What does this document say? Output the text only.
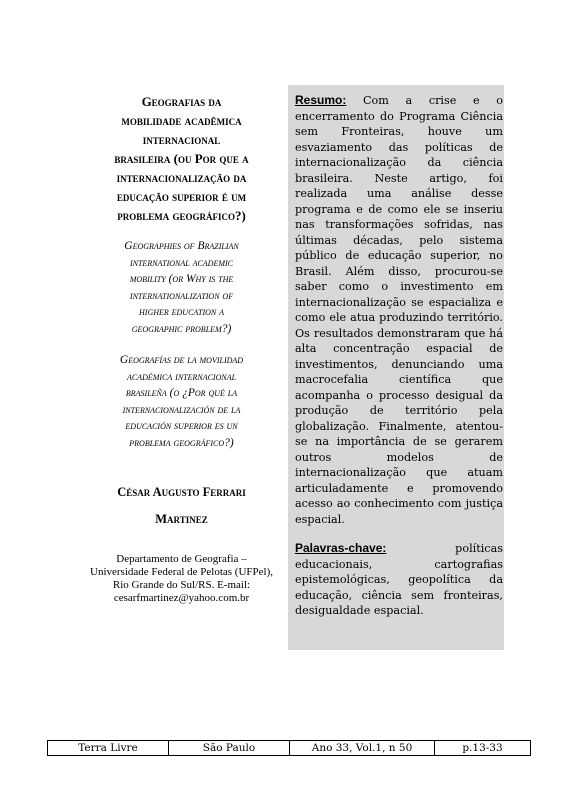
Geografias da
mobilidade acadêmica
internacional
brasileira (ou Por que a
internacionalização da
educação superior é um
problema geográfico?)
Geographies of Brazilian
international academic
mobility (or Why is the
internationalization of
higher education a
geographic problem?)
Geografías de la movilidad
académica internacional
brasileña (o ¿Por qué la
internacionalización de la
educación superior es un
problema geográfico?)
César Augusto Ferrari
Martinez
Departamento de Geografia –
Universidade Federal de Pelotas (UFPel),
Rio Grande do Sul/RS. E-mail:
cesarfmartinez@yahoo.com.br

Resumo: Com a crise e o encerramento do Programa Ciência sem Fronteiras, houve um esvaziamento das políticas de internacionalização da ciência brasileira. Neste artigo, foi realizada uma análise desse programa e de como ele se inseriu nas transformações sofridas, nas últimas décadas, pelo sistema público de educação superior, no Brasil. Além disso, procurou-se saber como o investimento em internacionalização se espacializa e como ele atua produzindo território. Os resultados demonstraram que há alta concentração espacial de investimentos, denunciando uma macrocefalia científica que acompanha o processo desigual da produção de território pela globalização. Finalmente, atentou-se na importância de se gerarem outros modelos de internacionalização que atuam articuladamente e promovendo acesso ao conhecimento com justiça espacial.

Palavras-chave: políticas educacionais, cartografias epistemológicas, geopolítica da educação, ciência sem fronteiras, desigualdade espacial.

Terra Livre	São Paulo	Ano 33, Vol.1, n 50	p.13-33
